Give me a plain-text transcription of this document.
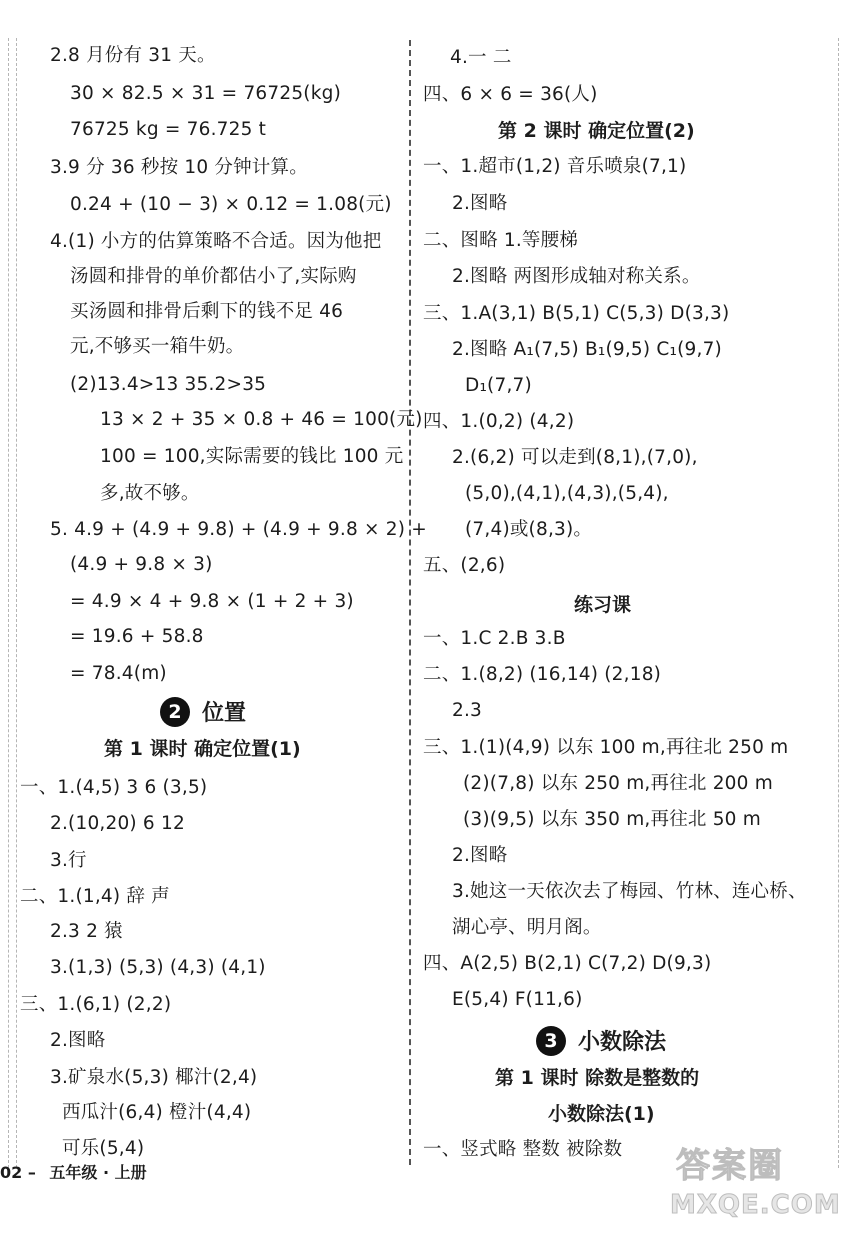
2.8 月份有 31 天。
30 × 82.5 × 31 = 76725(kg)
76725 kg = 76.725 t
3.9 分 36 秒按 10 分钟计算。
0.24 + (10 − 3) × 0.12 = 1.08(元)
4.(1) 小方的估算策略不合适。因为他把
汤圆和排骨的单价都估小了,实际购
买汤圆和排骨后剩下的钱不足 46
元,不够买一箱牛奶。
(2)13.4>13 35.2>35
13 × 2 + 35 × 0.8 + 46 = 100(元)
100 = 100,实际需要的钱比 100 元
多,故不够。
5. 4.9 + (4.9 + 9.8) + (4.9 + 9.8 × 2) +
(4.9 + 9.8 × 3)
= 4.9 × 4 + 9.8 × (1 + 2 + 3)
= 19.6 + 58.8
= 78.4(m)
2 位置
第 1 课时 确定位置(1)
一、1.(4,5) 3 6 (3,5)
2.(10,20) 6 12
3.行
二、1.(1,4) 辞 声
2.3 2 猿
3.(1,3) (5,3) (4,3) (4,1)
三、1.(6,1) (2,2)
2.图略
3.矿泉水(5,3) 椰汁(2,4)
西瓜汁(6,4) 橙汁(4,4)
可乐(5,4)
4.一 二
四、6 × 6 = 36(人)
第 2 课时 确定位置(2)
一、1.超市(1,2) 音乐喷泉(7,1)
2.图略
二、图略 1.等腰梯
2.图略 两图形成轴对称关系。
三、1.A(3,1) B(5,1) C(5,3) D(3,3)
2.图略 A₁(7,5) B₁(9,5) C₁(9,7)
D₁(7,7)
四、1.(0,2) (4,2)
2.(6,2) 可以走到(8,1),(7,0),
(5,0),(4,1),(4,3),(5,4),
(7,4)或(8,3)。
五、(2,6)
练习课
一、1.C 2.B 3.B
二、1.(8,2) (16,14) (2,18)
2.3
三、1.(1)(4,9) 以东 100 m,再往北 250 m
(2)(7,8) 以东 250 m,再往北 200 m
(3)(9,5) 以东 350 m,再往北 50 m
2.图略
3.她这一天依次去了梅园、竹林、连心桥、
湖心亭、明月阁。
四、A(2,5) B(2,1) C(7,2) D(9,3)
E(5,4) F(11,6)
3 小数除法
第 1 课时 除数是整数的
小数除法(1)
一、竖式略 整数 被除数
02 – 五年级 · 上册	答案圈
MXQE.COM
